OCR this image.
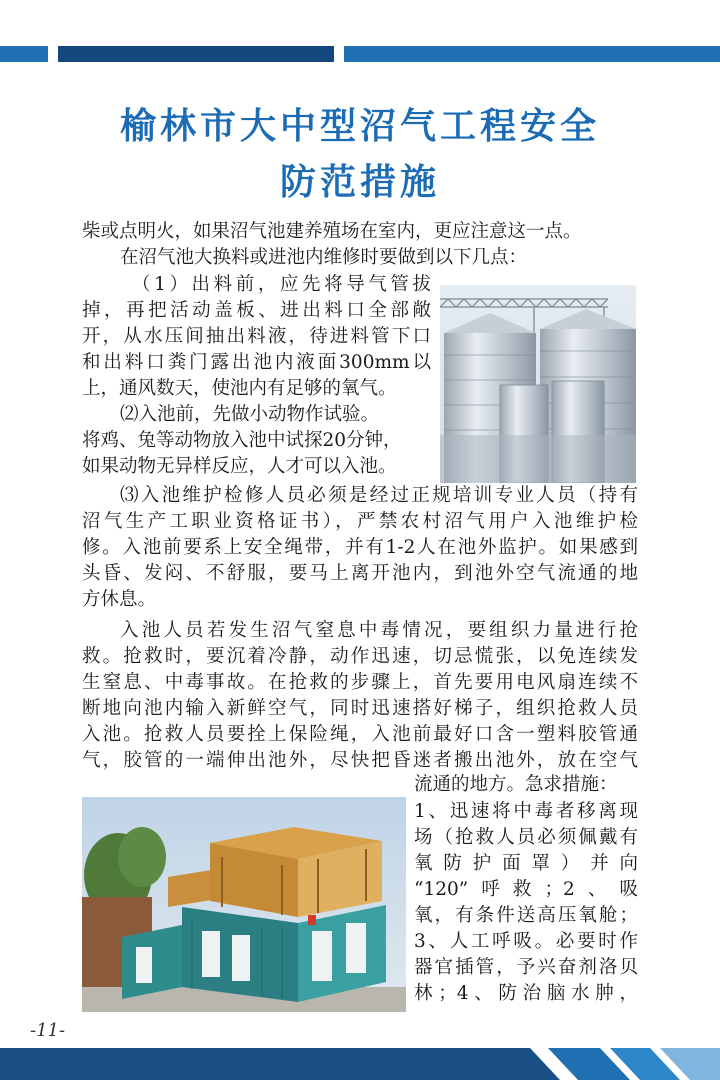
榆林市大中型沼气工程安全
防范措施

柴或点明火，如果沼气池建养殖场在室内，更应注意这一点。

在沼气池大换料或进池内维修时要做到以下几点：

（1）出料前，应先将导气管拔

掉，再把活动盖板、进出料口全部敞

开，从水压间抽出料液，待进料管下口

和出料口粪门露出池内液面300mm以

上，通风数天，使池内有足够的氧气。

⑵入池前，先做小动物作试验。

将鸡、兔等动物放入池中试探20分钟，

如果动物无异样反应，人才可以入池。

⑶入池维护检修人员必须是经过正规培训专业人员（持有

沼气生产工职业资格证书），严禁农村沼气用户入池维护检

修。入池前要系上安全绳带，并有1-2人在池外监护。如果感到

头昏、发闷、不舒服，要马上离开池内，到池外空气流通的地

方休息。

入池人员若发生沼气窒息中毒情况，要组织力量进行抢

救。抢救时，要沉着冷静，动作迅速，切忌慌张，以免连续发

生窒息、中毒事故。在抢救的步骤上，首先要用电风扇连续不

断地向池内输入新鲜空气，同时迅速搭好梯子，组织抢救人员

入池。抢救人员要拴上保险绳，入池前最好口含一塑料胶管通

气，胶管的一端伸出池外，尽快把昏迷者搬出池外，放在空气

流通的地方。急求措施：

1、迅速将中毒者移离现

场（抢救人员必须佩戴有

氧防护面罩）并向

“120”呼救；2、吸

氧，有条件送高压氧舱；

3、人工呼吸。必要时作

器官插管，予兴奋剂洛贝

林；4、防治脑水肿，

-11-
